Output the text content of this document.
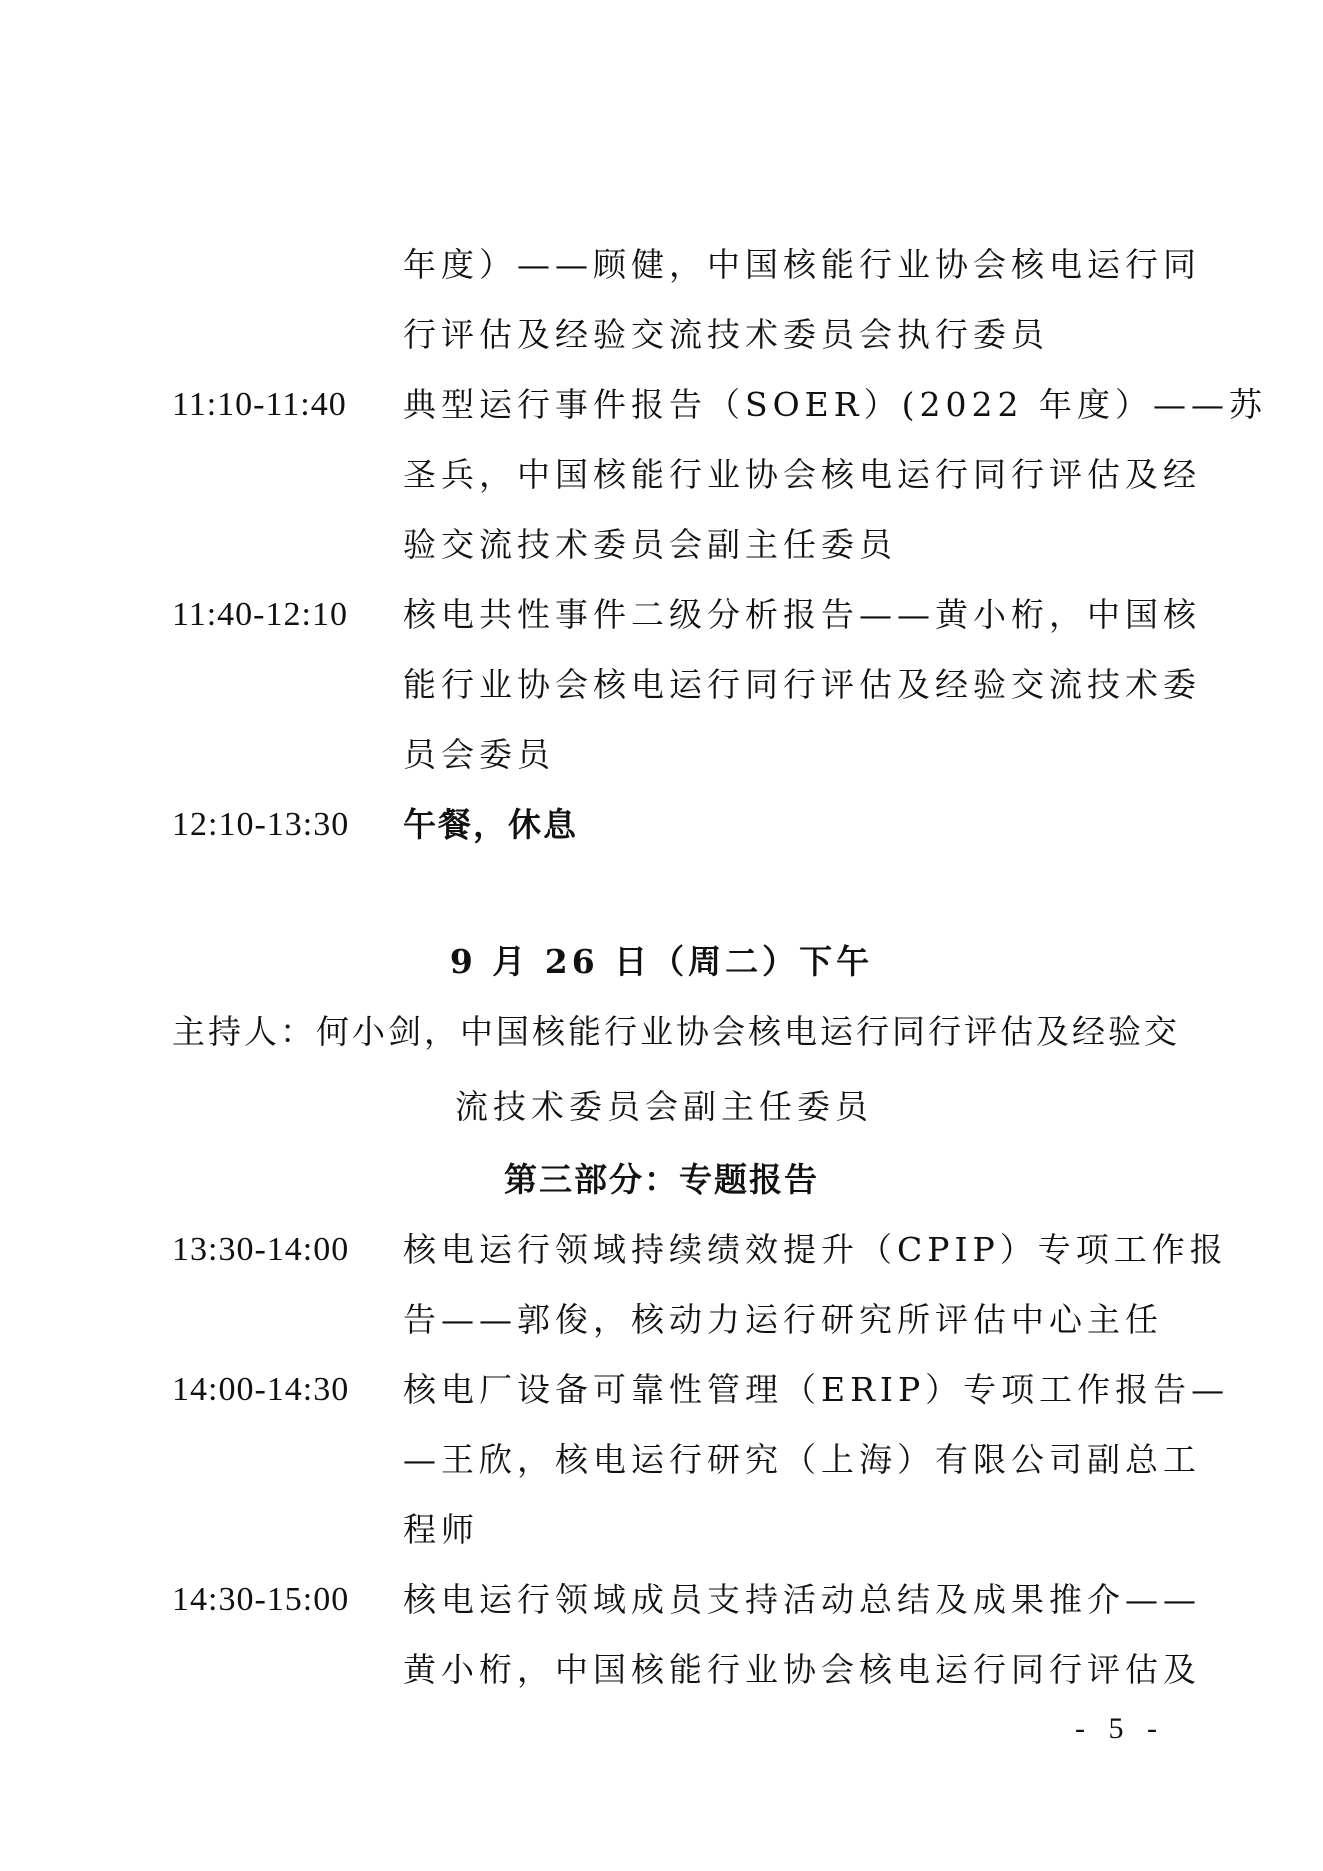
年度）——顾健，中国核能行业协会核电运行同
行评估及经验交流技术委员会执行委员
11:10-11:40	典型运行事件报告（SOER）(2022 年度）——苏
圣兵，中国核能行业协会核电运行同行评估及经
验交流技术委员会副主任委员
11:40-12:10	核电共性事件二级分析报告——黄小桁，中国核
能行业协会核电运行同行评估及经验交流技术委
员会委员
12:10-13:30	午餐，休息
9 月 26 日（周二）下午
主持人：何小剑，中国核能行业协会核电运行同行评估及经验交
流技术委员会副主任委员
第三部分：专题报告
13:30-14:00	核电运行领域持续绩效提升（CPIP）专项工作报
告——郭俊，核动力运行研究所评估中心主任
14:00-14:30	核电厂设备可靠性管理（ERIP）专项工作报告—
—王欣，核电运行研究（上海）有限公司副总工
程师
14:30-15:00	核电运行领域成员支持活动总结及成果推介——
黄小桁，中国核能行业协会核电运行同行评估及
- 5 -
